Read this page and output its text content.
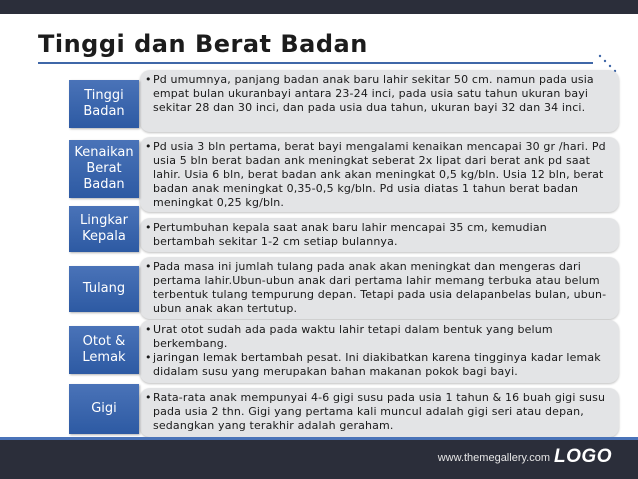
Tinggi dan Berat Badan

• Pd umumnya, panjang badan anak baru lahir sekitar 50 cm. namun pada usia empat bulan ukuranbayi antara 23-24 inci, pada usia satu tahun ukuran bayi sekitar 28 dan 30 inci, dan pada usia dua tahun, ukuran bayi 32 dan 34 inci.

Tinggi Badan

• Pd usia 3 bln pertama, berat bayi mengalami kenaikan mencapai 30 gr /hari. Pd usia 5 bln berat badan ank meningkat seberat 2x lipat dari berat ank pd saat lahir. Usia 6 bln, berat badan ank akan meningkat 0,5 kg/bln. Usia 12 bln, berat badan anak meningkat 0,35-0,5 kg/bln. Pd usia diatas 1 tahun berat badan meningkat 0,25 kg/bln.

Kenaikan Berat Badan

• Pertumbuhan kepala saat anak baru lahir mencapai 35 cm, kemudian bertambah sekitar 1-2 cm setiap bulannya.

Lingkar Kepala

• Pada masa ini jumlah tulang pada anak akan meningkat dan mengeras dari pertama lahir.Ubun-ubun anak dari pertama lahir memang terbuka atau belum terbentuk tulang tempurung depan. Tetapi pada usia delapanbelas bulan, ubun-ubun anak akan tertutup.

Tulang

• Urat otot sudah ada pada waktu lahir tetapi dalam bentuk yang belum berkembang.

• jaringan lemak bertambah pesat. Ini diakibatkan karena tingginya kadar lemak didalam susu yang merupakan bahan makanan pokok bagi bayi.

Otot & Lemak

• Rata-rata anak mempunyai 4-6 gigi susu pada usia 1 tahun & 16 buah gigi susu pada usia 2 thn. Gigi yang pertama kali muncul adalah gigi seri atau depan, sedangkan yang terakhir adalah geraham.

Gigi
www.themegallery.com LOGO
